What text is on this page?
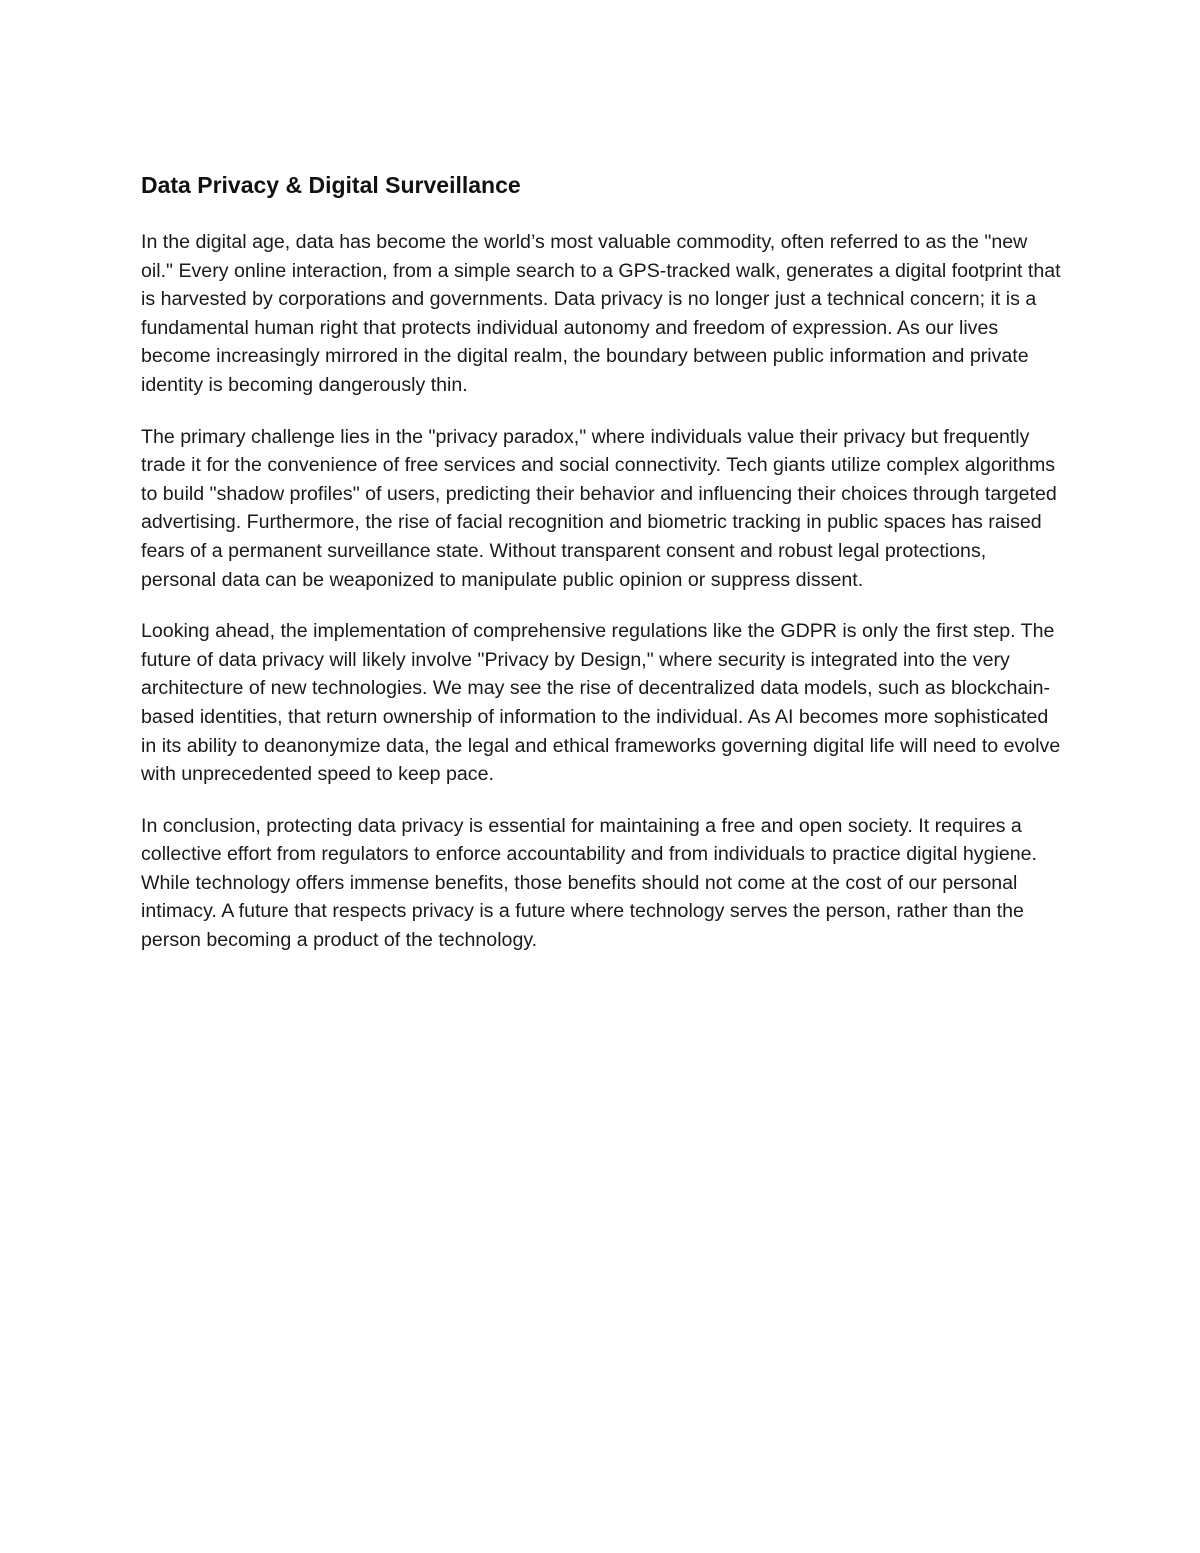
Data Privacy & Digital Surveillance

In the digital age, data has become the world’s most valuable commodity, often referred to as the "new oil." Every online interaction, from a simple search to a GPS-tracked walk, generates a digital footprint that is harvested by corporations and governments. Data privacy is no longer just a technical concern; it is a fundamental human right that protects individual autonomy and freedom of expression. As our lives become increasingly mirrored in the digital realm, the boundary between public information and private identity is becoming dangerously thin.

The primary challenge lies in the "privacy paradox," where individuals value their privacy but frequently trade it for the convenience of free services and social connectivity. Tech giants utilize complex algorithms to build "shadow profiles" of users, predicting their behavior and influencing their choices through targeted advertising. Furthermore, the rise of facial recognition and biometric tracking in public spaces has raised fears of a permanent surveillance state. Without transparent consent and robust legal protections, personal data can be weaponized to manipulate public opinion or suppress dissent.

Looking ahead, the implementation of comprehensive regulations like the GDPR is only the first step. The future of data privacy will likely involve "Privacy by Design," where security is integrated into the very architecture of new technologies. We may see the rise of decentralized data models, such as blockchain-based identities, that return ownership of information to the individual. As AI becomes more sophisticated in its ability to deanonymize data, the legal and ethical frameworks governing digital life will need to evolve with unprecedented speed to keep pace.

In conclusion, protecting data privacy is essential for maintaining a free and open society. It requires a collective effort from regulators to enforce accountability and from individuals to practice digital hygiene. While technology offers immense benefits, those benefits should not come at the cost of our personal intimacy. A future that respects privacy is a future where technology serves the person, rather than the person becoming a product of the technology.
